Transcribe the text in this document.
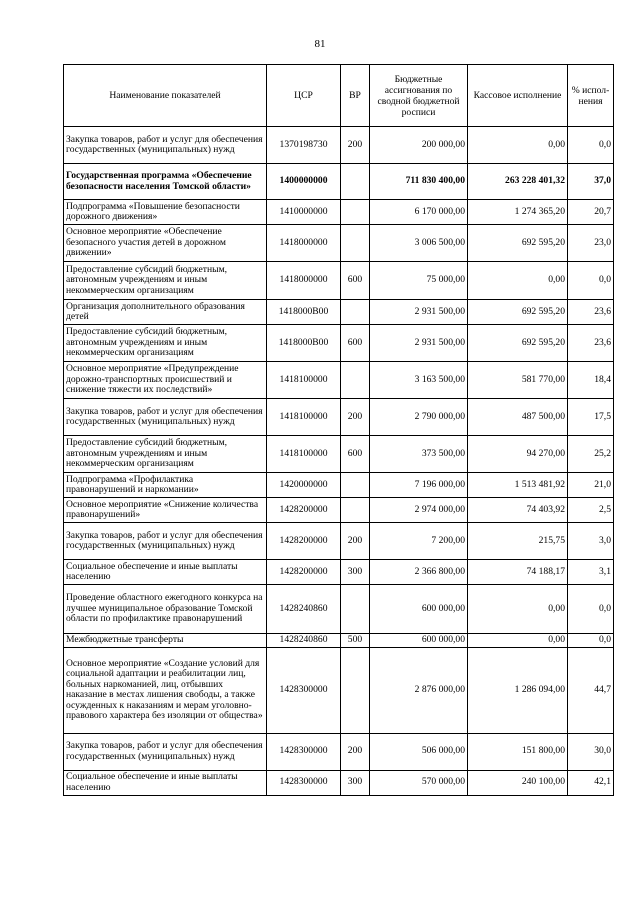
81
Наименование показателей	ЦСР	ВР	Бюджетные ассигнования по сводной бюджетной росписи	Кассовое исполнение	% испол-нения
Закупка товаров, работ и услуг для обеспечения государственных (муниципальных) нужд	1370198730	200	200 000,00	0,00	0,0
Государственная программа «Обеспечение безопасности населения Томской области»	1400000000		711 830 400,00	263 228 401,32	37,0
Подпрограмма «Повышение безопасности дорожного движения»	1410000000		6 170 000,00	1 274 365,20	20,7
Основное мероприятие «Обеспечение безопасного участия детей в дорожном движении»	1418000000		3 006 500,00	692 595,20	23,0
Предоставление субсидий бюджетным, автономным учреждениям и иным некоммерческим организациям	1418000000	600	75 000,00	0,00	0,0
Организация дополнительного образования детей	1418000В00		2 931 500,00	692 595,20	23,6
Предоставление субсидий бюджетным, автономным учреждениям и иным некоммерческим организациям	1418000В00	600	2 931 500,00	692 595,20	23,6
Основное мероприятие «Предупреждение дорожно-транспортных происшествий и снижение тяжести их последствий»	1418100000		3 163 500,00	581 770,00	18,4
Закупка товаров, работ и услуг для обеспечения государственных (муниципальных) нужд	1418100000	200	2 790 000,00	487 500,00	17,5
Предоставление субсидий бюджетным, автономным учреждениям и иным некоммерческим организациям	1418100000	600	373 500,00	94 270,00	25,2
Подпрограмма «Профилактика правонарушений и наркомании»	1420000000		7 196 000,00	1 513 481,92	21,0
Основное мероприятие «Снижение количества правонарушений»	1428200000		2 974 000,00	74 403,92	2,5
Закупка товаров, работ и услуг для обеспечения государственных (муниципальных) нужд	1428200000	200	7 200,00	215,75	3,0
Социальное обеспечение и иные выплаты населению	1428200000	300	2 366 800,00	74 188,17	3,1
Проведение областного ежегодного конкурса на лучшее муниципальное образование Томской области по профилактике правонарушений	1428240860		600 000,00	0,00	0,0
Межбюджетные трансферты	1428240860	500	600 000,00	0,00	0,0
Основное мероприятие «Создание условий для социальной адаптации и реабилитации лиц, больных наркоманией, лиц, отбывших наказание в местах лишения свободы, а также осужденных к наказаниям и мерам уголовно-правового характера без изоляции от общества»	1428300000		2 876 000,00	1 286 094,00	44,7
Закупка товаров, работ и услуг для обеспечения государственных (муниципальных) нужд	1428300000	200	506 000,00	151 800,00	30,0
Социальное обеспечение и иные выплаты населению	1428300000	300	570 000,00	240 100,00	42,1
